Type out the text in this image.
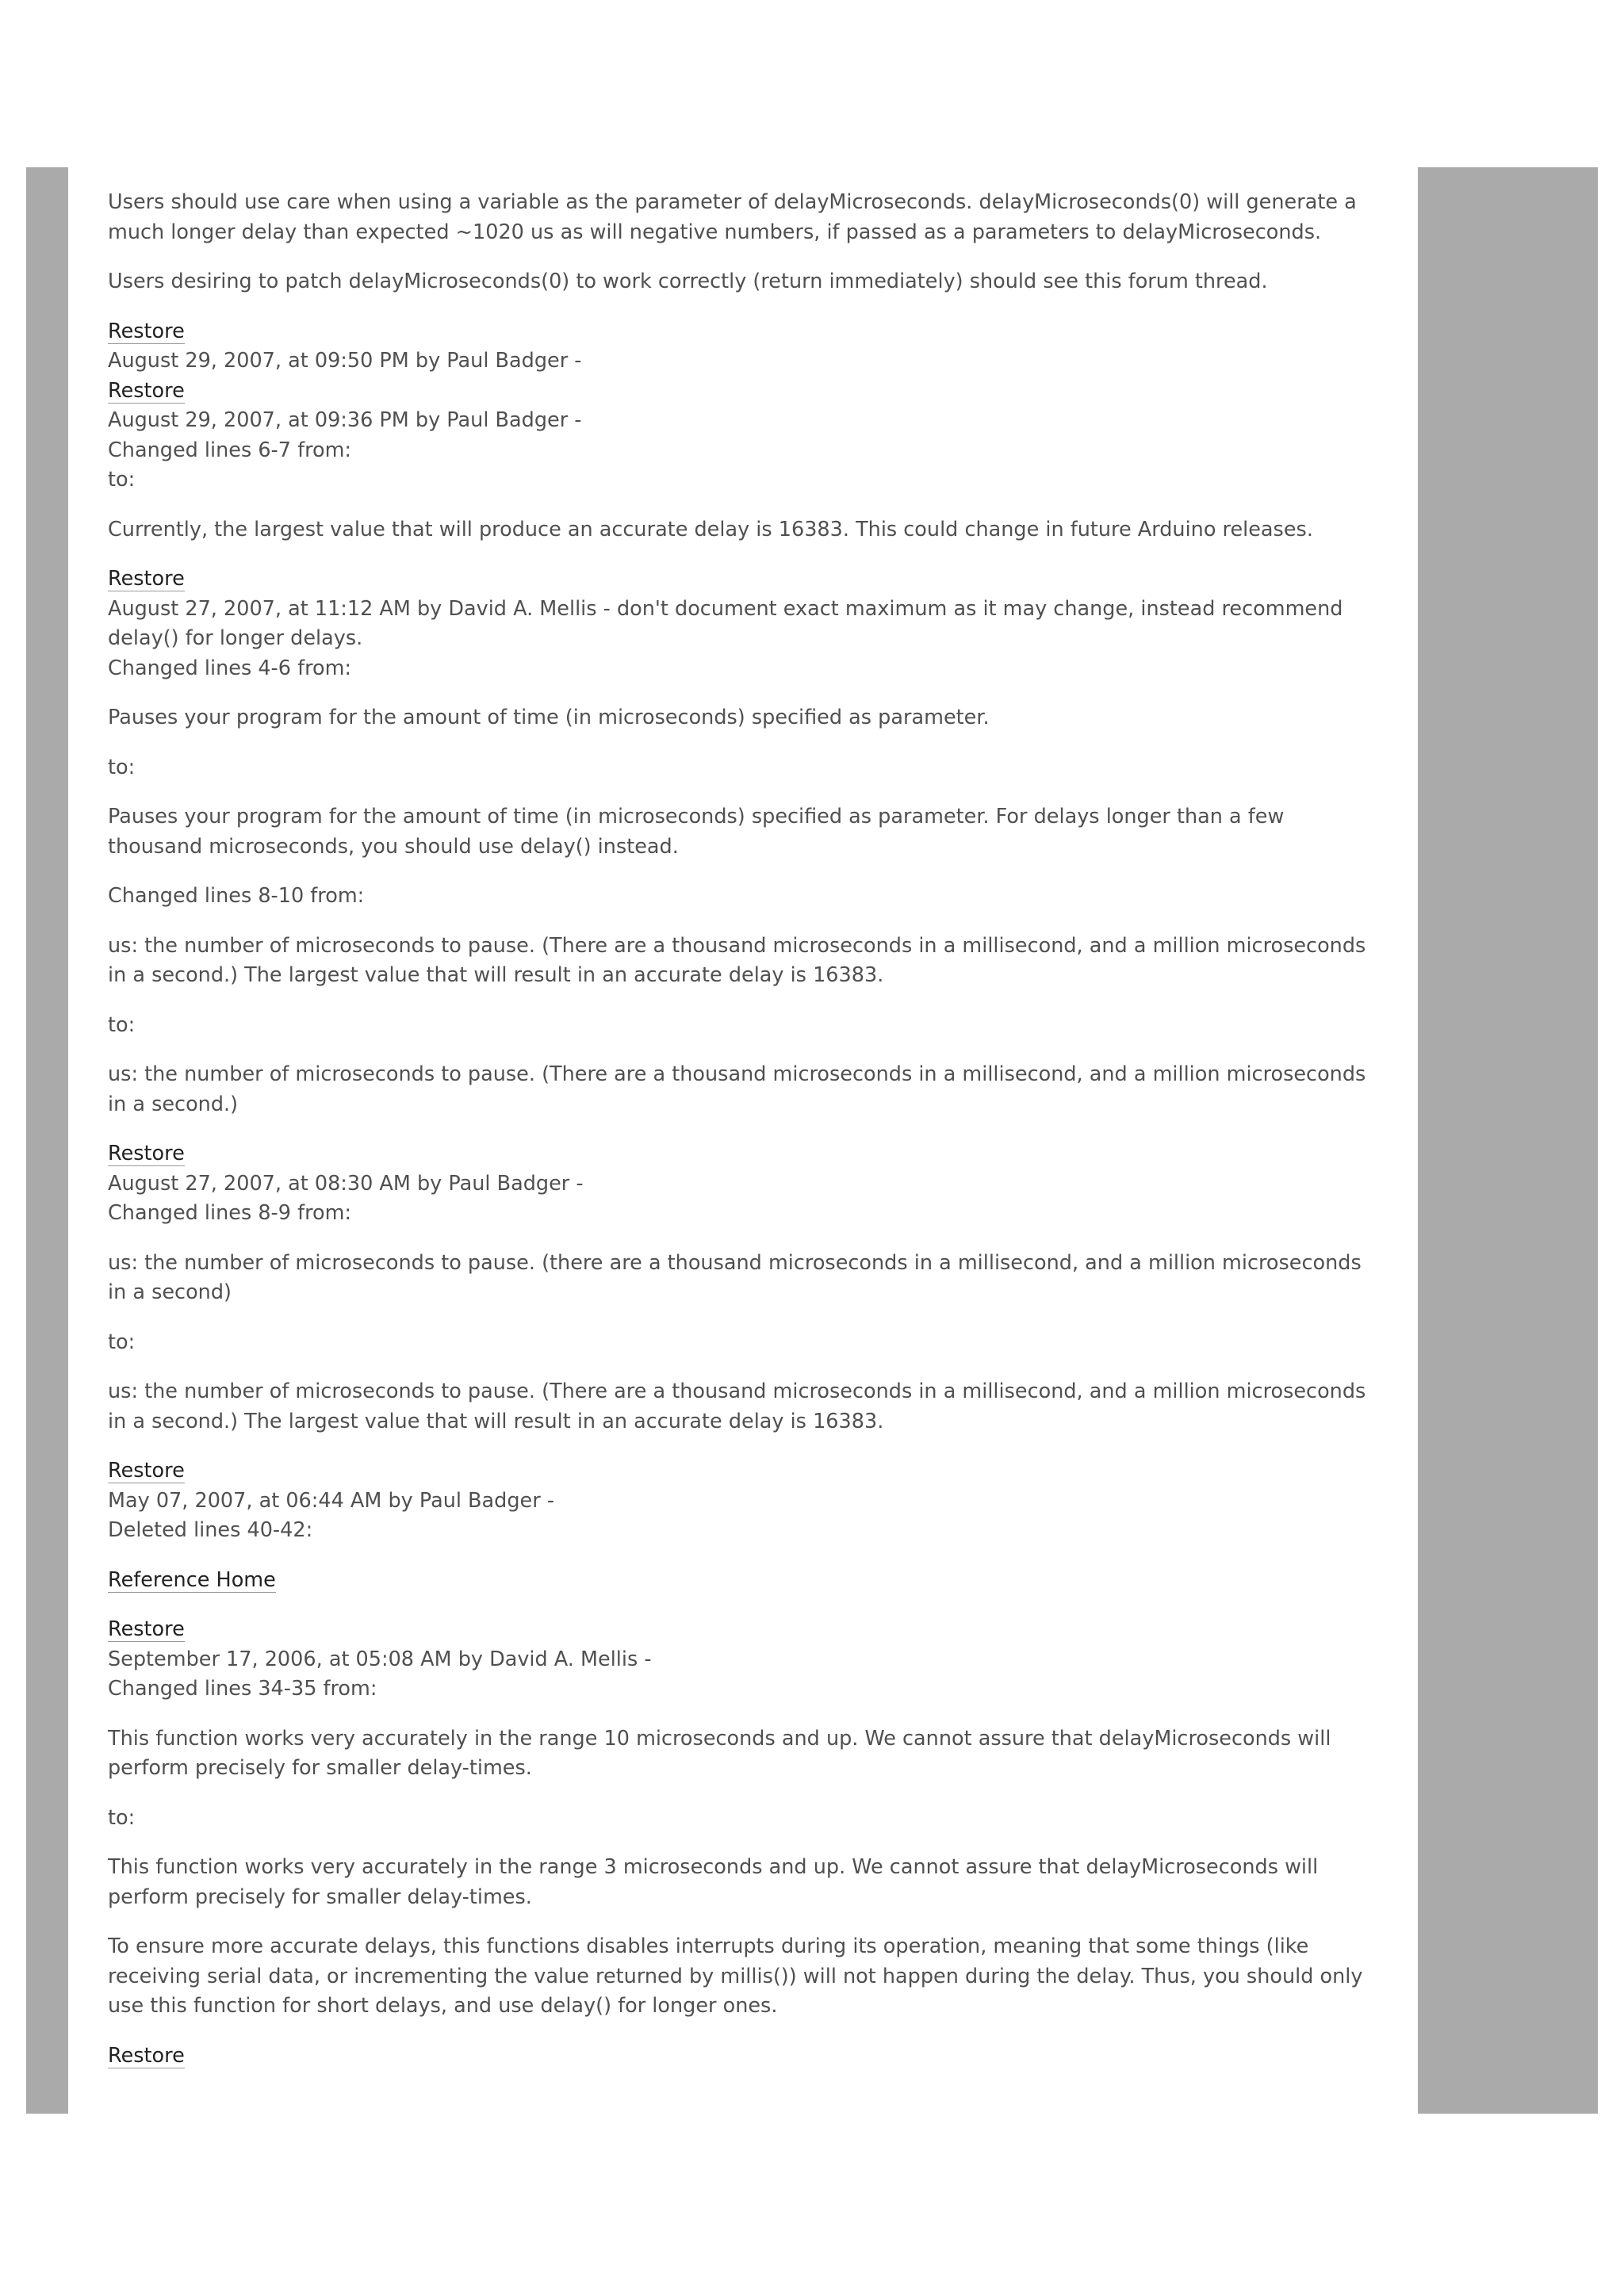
Users should use care when using a variable as the parameter of delayMicroseconds. delayMicroseconds(0) will generate a much longer delay than expected ~1020 us as will negative numbers, if passed as a parameters to delayMicroseconds.

Users desiring to patch delayMicroseconds(0) to work correctly (return immediately) should see this forum thread.

Restore
August 29, 2007, at 09:50 PM by Paul Badger -
Restore
August 29, 2007, at 09:36 PM by Paul Badger -
Changed lines 6-7 from:
to:

Currently, the largest value that will produce an accurate delay is 16383. This could change in future Arduino releases.

Restore
August 27, 2007, at 11:12 AM by David A. Mellis - don't document exact maximum as it may change, instead recommend delay() for longer delays.
Changed lines 4-6 from:

Pauses your program for the amount of time (in microseconds) specified as parameter.

to:

Pauses your program for the amount of time (in microseconds) specified as parameter. For delays longer than a few thousand microseconds, you should use delay() instead.

Changed lines 8-10 from:

us: the number of microseconds to pause. (There are a thousand microseconds in a millisecond, and a million microseconds in a second.) The largest value that will result in an accurate delay is 16383.

to:

us: the number of microseconds to pause. (There are a thousand microseconds in a millisecond, and a million microseconds in a second.)

Restore
August 27, 2007, at 08:30 AM by Paul Badger -
Changed lines 8-9 from:

us: the number of microseconds to pause. (there are a thousand microseconds in a millisecond, and a million microseconds in a second)

to:

us: the number of microseconds to pause. (There are a thousand microseconds in a millisecond, and a million microseconds in a second.) The largest value that will result in an accurate delay is 16383.

Restore
May 07, 2007, at 06:44 AM by Paul Badger -
Deleted lines 40-42:

Reference Home

Restore
September 17, 2006, at 05:08 AM by David A. Mellis -
Changed lines 34-35 from:

This function works very accurately in the range 10 microseconds and up. We cannot assure that delayMicroseconds will perform precisely for smaller delay-times.

to:

This function works very accurately in the range 3 microseconds and up. We cannot assure that delayMicroseconds will perform precisely for smaller delay-times.

To ensure more accurate delays, this functions disables interrupts during its operation, meaning that some things (like receiving serial data, or incrementing the value returned by millis()) will not happen during the delay. Thus, you should only use this function for short delays, and use delay() for longer ones.

Restore
